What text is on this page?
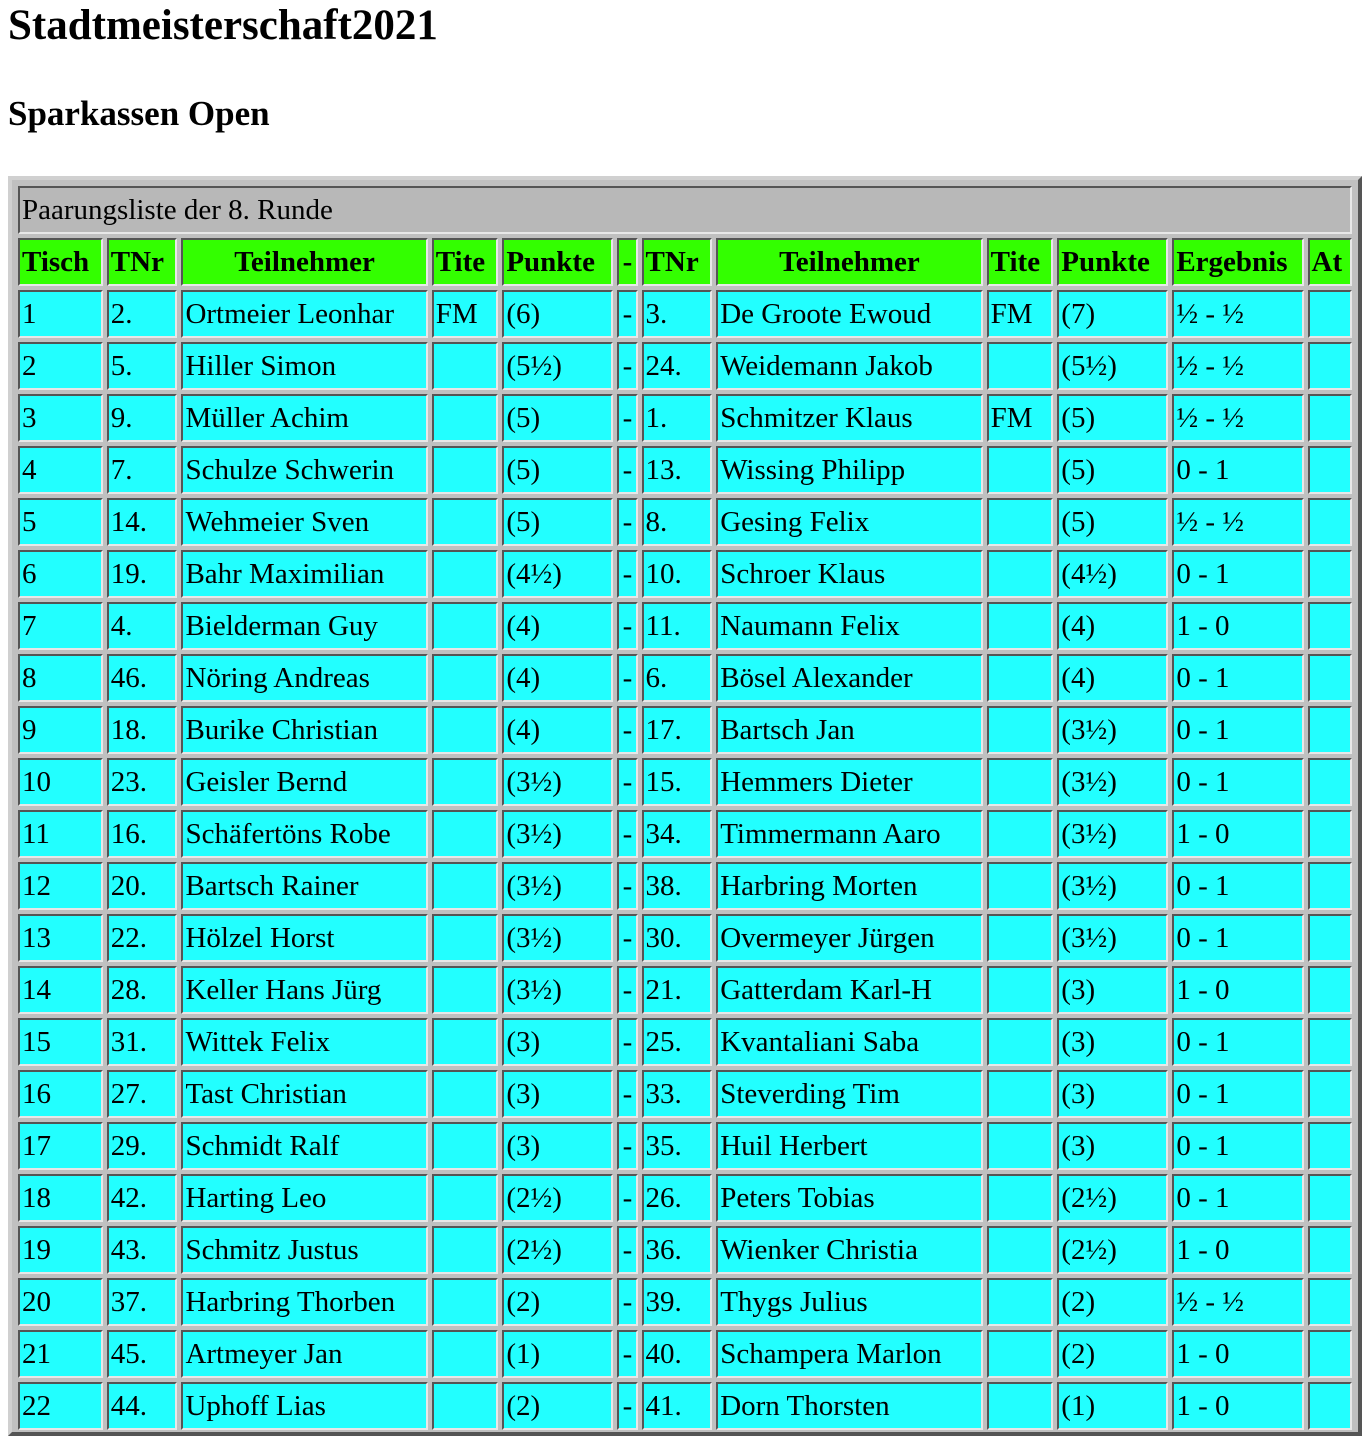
Stadtmeisterschaft2021
Sparkassen Open
Paarungsliste der 8. Runde											
Tisch	TNr	Teilnehmer	Tite	Punkte	-	TNr	Teilnehmer	Tite	Punkte	Ergebnis	At
1	2.	Ortmeier Leonhar	FM	(6)	-	3.	De Groote Ewoud	FM	(7)	½ - ½	
2	5.	Hiller Simon		(5½)	-	24.	Weidemann Jakob		(5½)	½ - ½	
3	9.	Müller Achim		(5)	-	1.	Schmitzer Klaus	FM	(5)	½ - ½	
4	7.	Schulze Schwerin		(5)	-	13.	Wissing Philipp		(5)	0 - 1	
5	14.	Wehmeier Sven		(5)	-	8.	Gesing Felix		(5)	½ - ½	
6	19.	Bahr Maximilian		(4½)	-	10.	Schroer Klaus		(4½)	0 - 1	
7	4.	Bielderman Guy		(4)	-	11.	Naumann Felix		(4)	1 - 0	
8	46.	Nöring Andreas		(4)	-	6.	Bösel Alexander		(4)	0 - 1	
9	18.	Burike Christian		(4)	-	17.	Bartsch Jan		(3½)	0 - 1	
10	23.	Geisler Bernd		(3½)	-	15.	Hemmers Dieter		(3½)	0 - 1	
11	16.	Schäfertöns Robe		(3½)	-	34.	Timmermann Aaro		(3½)	1 - 0	
12	20.	Bartsch Rainer		(3½)	-	38.	Harbring Morten		(3½)	0 - 1	
13	22.	Hölzel Horst		(3½)	-	30.	Overmeyer Jürgen		(3½)	0 - 1	
14	28.	Keller Hans Jürg		(3½)	-	21.	Gatterdam Karl-H		(3)	1 - 0	
15	31.	Wittek Felix		(3)	-	25.	Kvantaliani Saba		(3)	0 - 1	
16	27.	Tast Christian		(3)	-	33.	Steverding Tim		(3)	0 - 1	
17	29.	Schmidt Ralf		(3)	-	35.	Huil Herbert		(3)	0 - 1	
18	42.	Harting Leo		(2½)	-	26.	Peters Tobias		(2½)	0 - 1	
19	43.	Schmitz Justus		(2½)	-	36.	Wienker Christia		(2½)	1 - 0	
20	37.	Harbring Thorben		(2)	-	39.	Thygs Julius		(2)	½ - ½	
21	45.	Artmeyer Jan		(1)	-	40.	Schampera Marlon		(2)	1 - 0	
22	44.	Uphoff Lias		(2)	-	41.	Dorn Thorsten		(1)	1 - 0	
